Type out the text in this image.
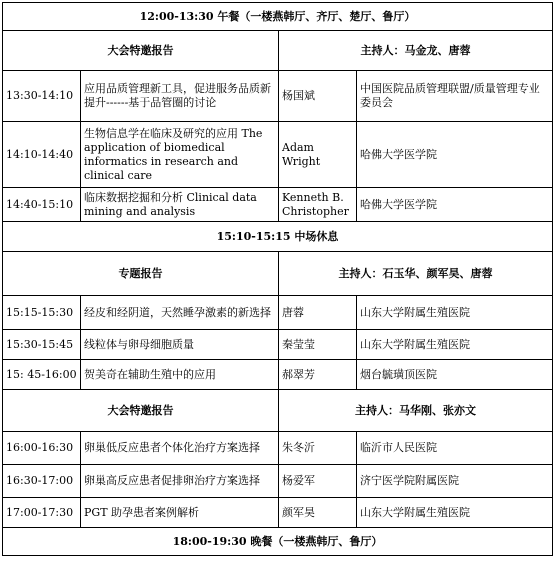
12:00-13:30 午餐（一楼燕韩厅、齐厅、楚厅、鲁厅）			
大会特邀报告		主持人：马金龙、唐蓉	
13:30-14:10	应用品质管理新工具，促进服务品质新提升------基于品管圈的讨论	杨国斌	中国医院品质管理联盟/质量管理专业委员会
14:10-14:40	生物信息学在临床及研究的应用 The application of biomedical informatics in research and clinical care	Adam Wright	哈佛大学医学院
14:40-15:10	临床数据挖掘和分析 Clinical data mining and analysis	Kenneth B. Christopher	哈佛大学医学院
15:10-15:15 中场休息			
专题报告		主持人：石玉华、颜军昊、唐蓉	
15:15-15:30	经皮和经阴道，天然睡孕激素的新选择	唐蓉	山东大学附属生殖医院
15:30-15:45	线粒体与卵母细胞质量	秦莹莹	山东大学附属生殖医院
15: 45-16:00	贺美奇在辅助生殖中的应用	郝翠芳	烟台毓璜顶医院
大会特邀报告		主持人：马华刚、张亦文	
16:00-16:30	卵巢低反应患者个体化治疗方案选择	朱冬沂	临沂市人民医院
16:30-17:00	卵巢高反应患者促排卵治疗方案选择	杨爱军	济宁医学院附属医院
17:00-17:30	PGT 助孕患者案例解析	颜军昊	山东大学附属生殖医院
18:00-19:30 晚餐（一楼燕韩厅、鲁厅）			
